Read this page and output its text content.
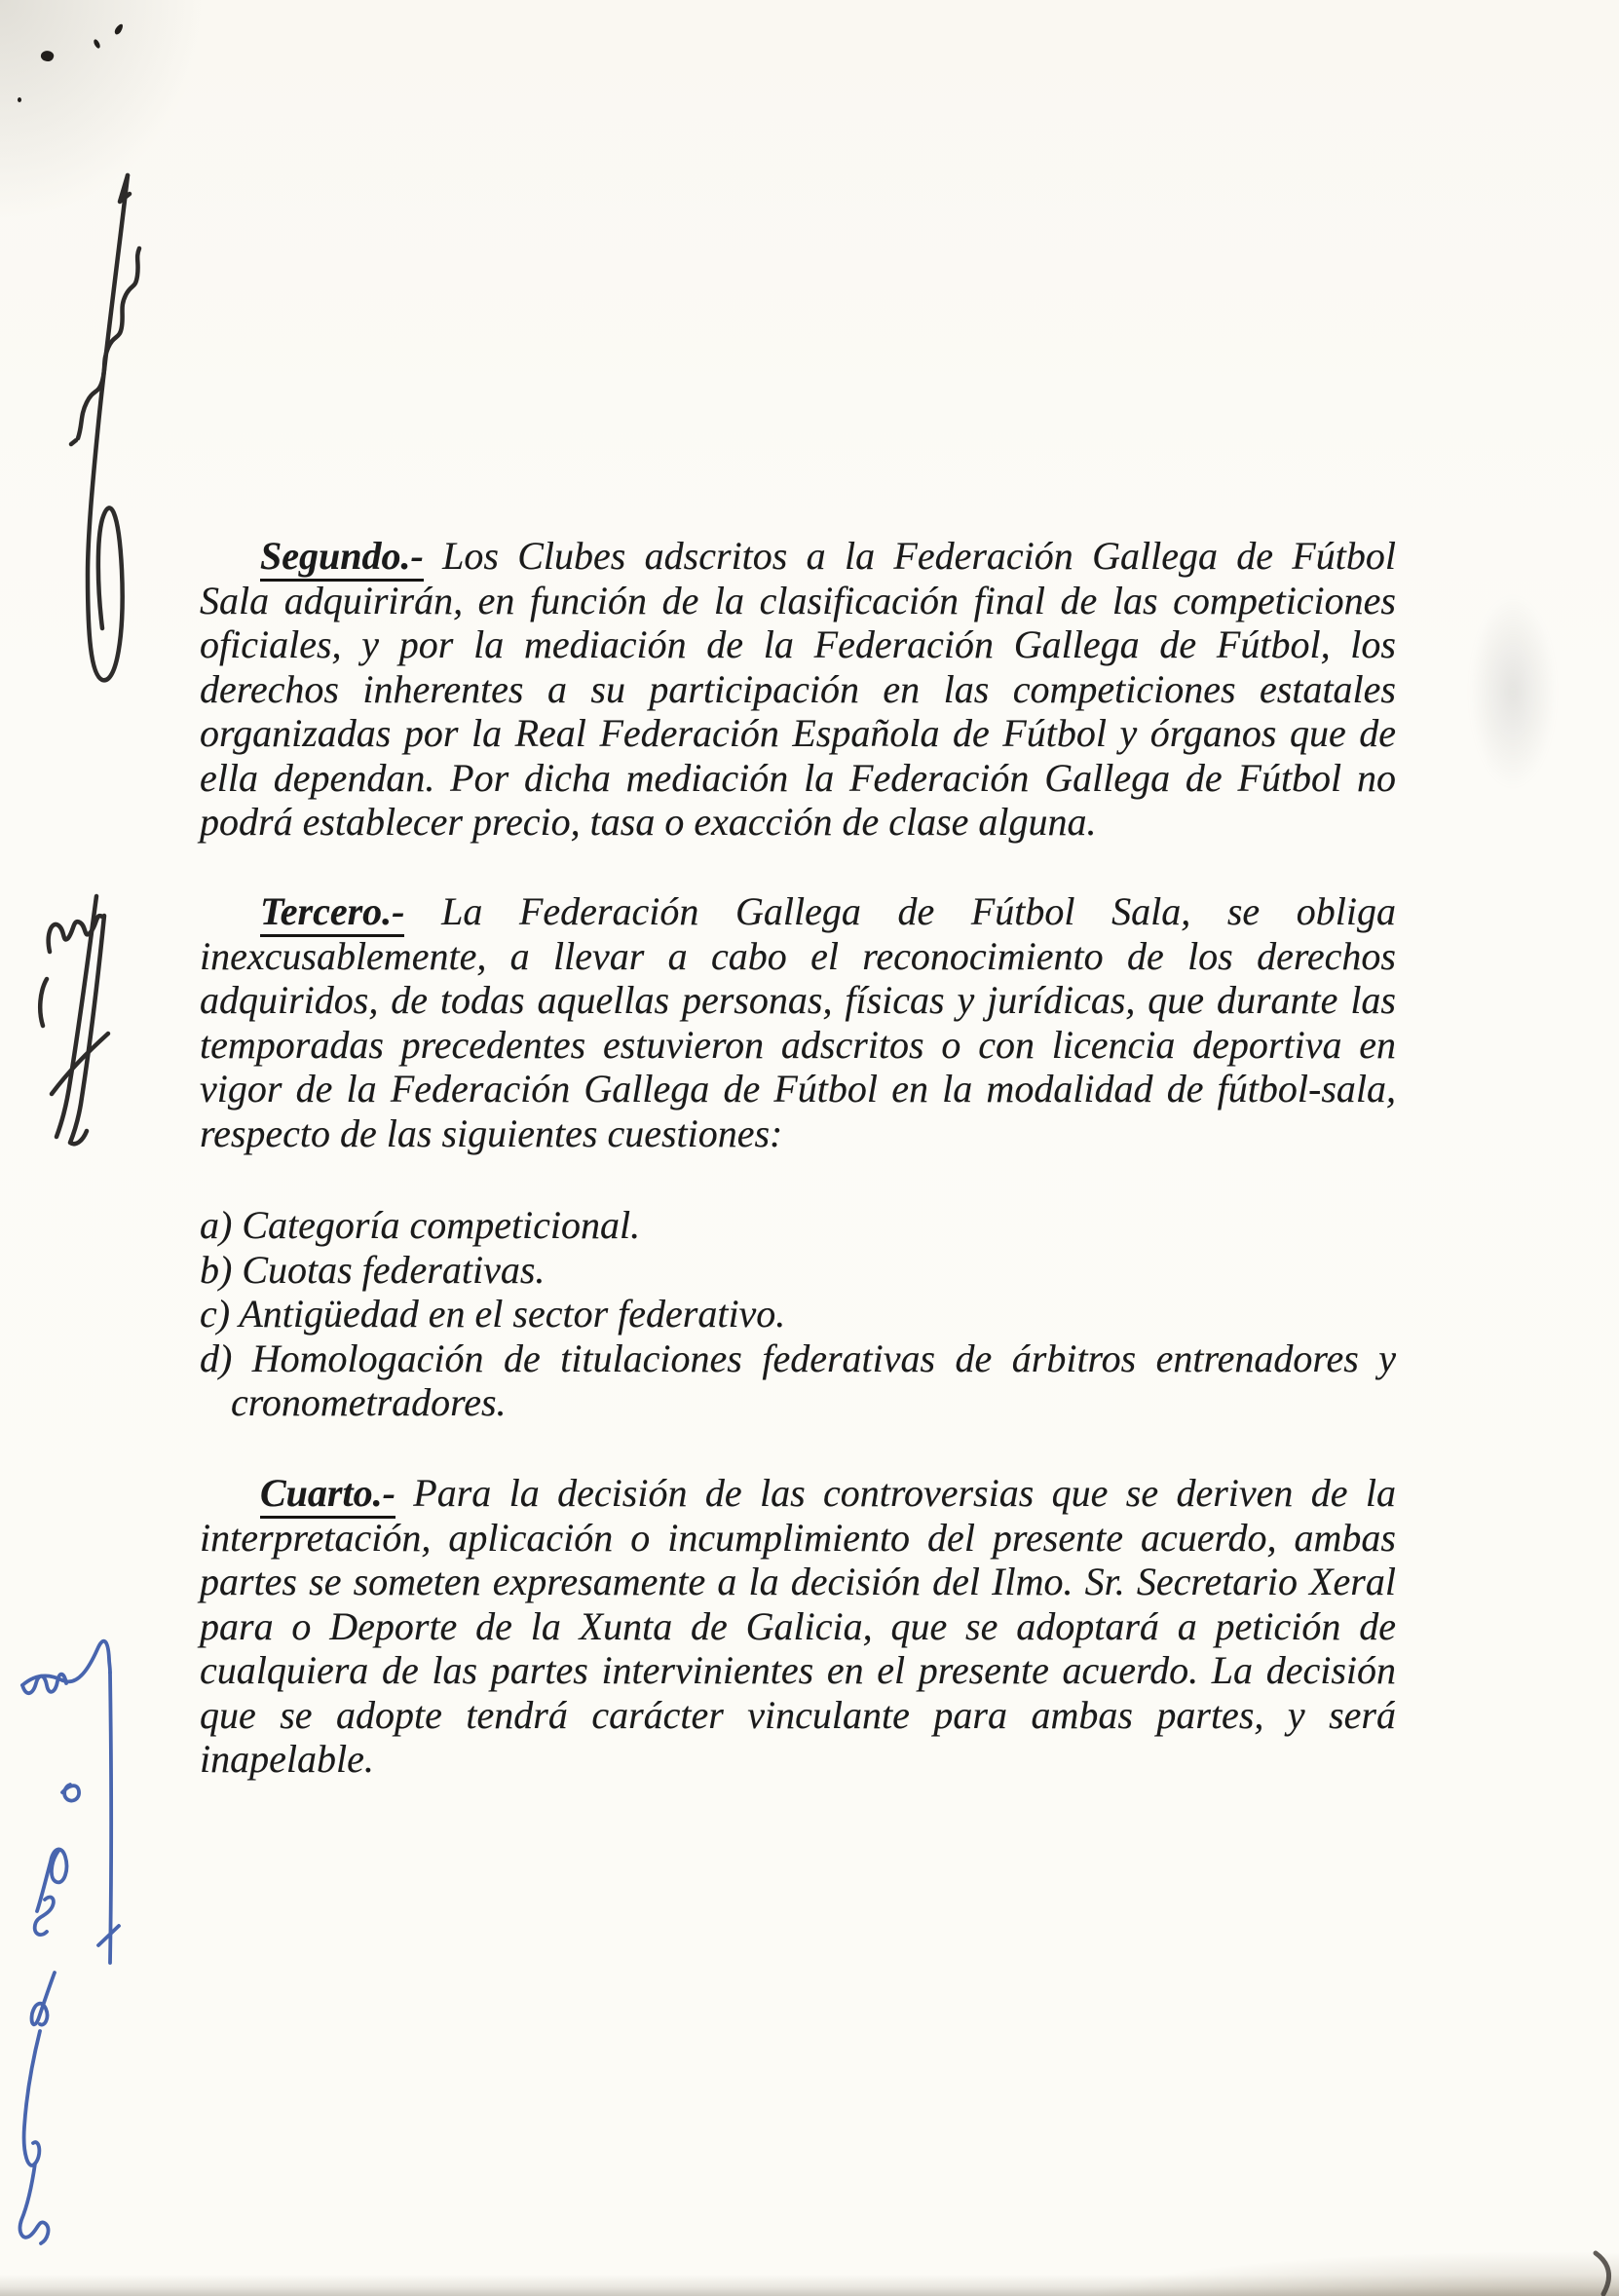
Segundo.- Los Clubes adscritos a la Federación Gallega de Fútbol
Sala adquirirán, en función de la clasificación final de las competiciones
oficiales, y por la mediación de la Federación Gallega de Fútbol, los
derechos inherentes a su participación en las competiciones estatales
organizadas por la Real Federación Española de Fútbol y órganos que de
ella dependan. Por dicha mediación la Federación Gallega de Fútbol no
podrá establecer precio, tasa o exacción de clase alguna.
Tercero.- La Federación Gallega de Fútbol Sala, se obliga
inexcusablemente, a llevar a cabo el reconocimiento de los derechos
adquiridos, de todas aquellas personas, físicas y jurídicas, que durante las
temporadas precedentes estuvieron adscritos o con licencia deportiva en
vigor de la Federación Gallega de Fútbol en la modalidad de fútbol-sala,
respecto de las siguientes cuestiones:
a) Categoría competicional.
b) Cuotas federativas.
c) Antigüedad en el sector federativo.
d) Homologación de titulaciones federativas de árbitros entrenadores y
cronometradores.
Cuarto.- Para la decisión de las controversias que se deriven de la
interpretación, aplicación o incumplimiento del presente acuerdo, ambas
partes se someten expresamente a la decisión del Ilmo. Sr. Secretario Xeral
para o Deporte de la Xunta de Galicia, que se adoptará a petición de
cualquiera de las partes intervinientes en el presente acuerdo. La decisión
que se adopte tendrá carácter vinculante para ambas partes, y será
inapelable.
